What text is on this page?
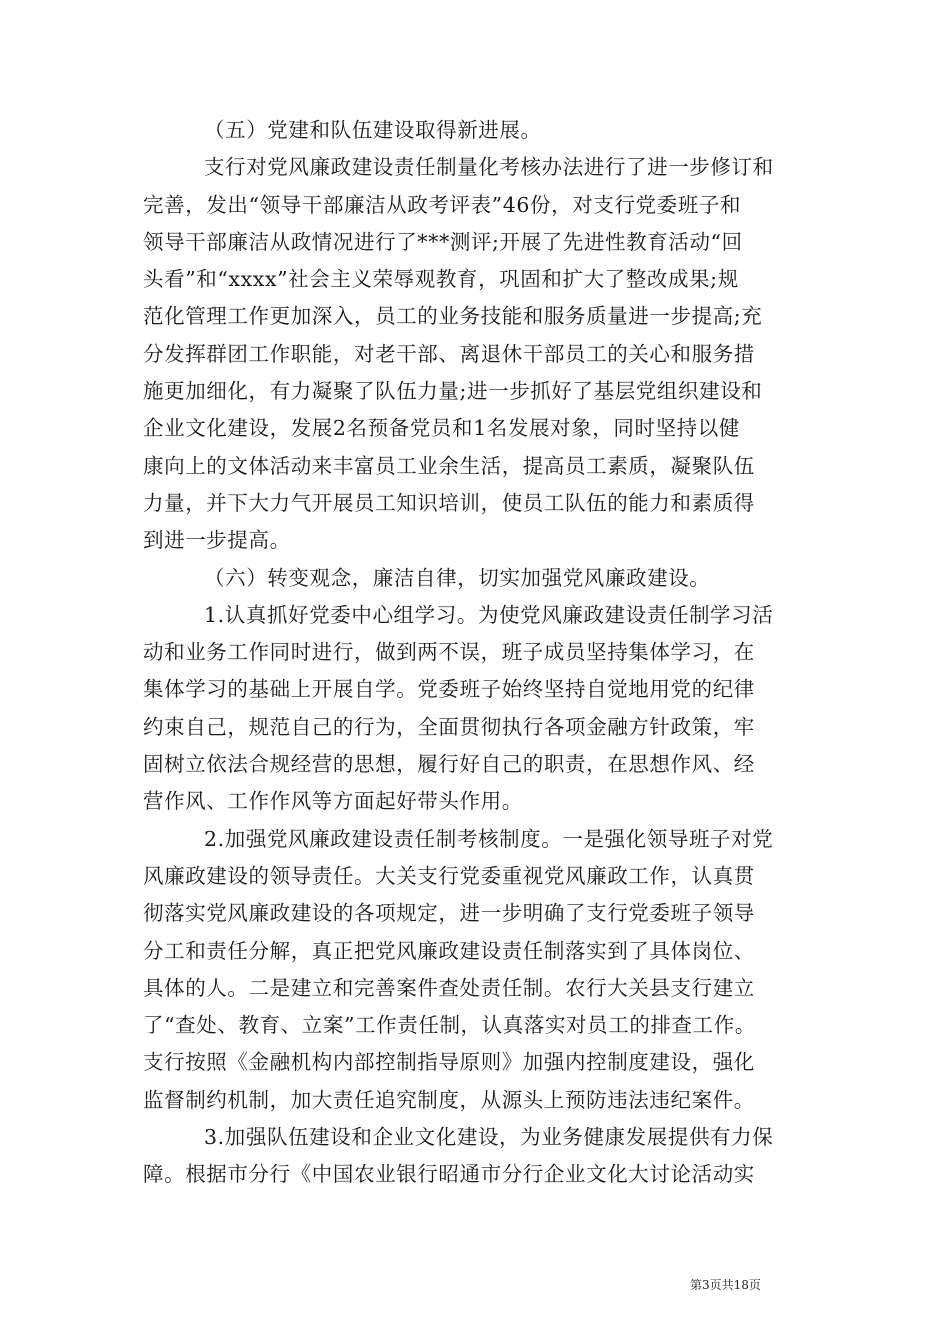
（五）党建和队伍建设取得新进展。
支行对党风廉政建设责任制量化考核办法进行了进一步修订和
完善，发出“领导干部廉洁从政考评表”46份，对支行党委班子和
领导干部廉洁从政情况进行了***测评;开展了先进性教育活动“回
头看”和“xxxx”社会主义荣辱观教育，巩固和扩大了整改成果;规
范化管理工作更加深入，员工的业务技能和服务质量进一步提高;充
分发挥群团工作职能，对老干部、离退休干部员工的关心和服务措
施更加细化，有力凝聚了队伍力量;进一步抓好了基层党组织建设和
企业文化建设，发展2名预备党员和1名发展对象，同时坚持以健
康向上的文体活动来丰富员工业余生活，提高员工素质，凝聚队伍
力量，并下大力气开展员工知识培训，使员工队伍的能力和素质得
到进一步提高。
（六）转变观念，廉洁自律，切实加强党风廉政建设。
1.认真抓好党委中心组学习。为使党风廉政建设责任制学习活
动和业务工作同时进行，做到两不误，班子成员坚持集体学习，在
集体学习的基础上开展自学。党委班子始终坚持自觉地用党的纪律
约束自己，规范自己的行为，全面贯彻执行各项金融方针政策，牢
固树立依法合规经营的思想，履行好自己的职责，在思想作风、经
营作风、工作作风等方面起好带头作用。
2.加强党风廉政建设责任制考核制度。一是强化领导班子对党
风廉政建设的领导责任。大关支行党委重视党风廉政工作，认真贯
彻落实党风廉政建设的各项规定，进一步明确了支行党委班子领导
分工和责任分解，真正把党风廉政建设责任制落实到了具体岗位、
具体的人。二是建立和完善案件查处责任制。农行大关县支行建立
了“查处、教育、立案”工作责任制，认真落实对员工的排查工作。
支行按照《金融机构内部控制指导原则》加强内控制度建设，强化
监督制约机制，加大责任追究制度，从源头上预防违法违纪案件。
3.加强队伍建设和企业文化建设，为业务健康发展提供有力保
障。根据市分行《中国农业银行昭通市分行企业文化大讨论活动实
第3页共18页
